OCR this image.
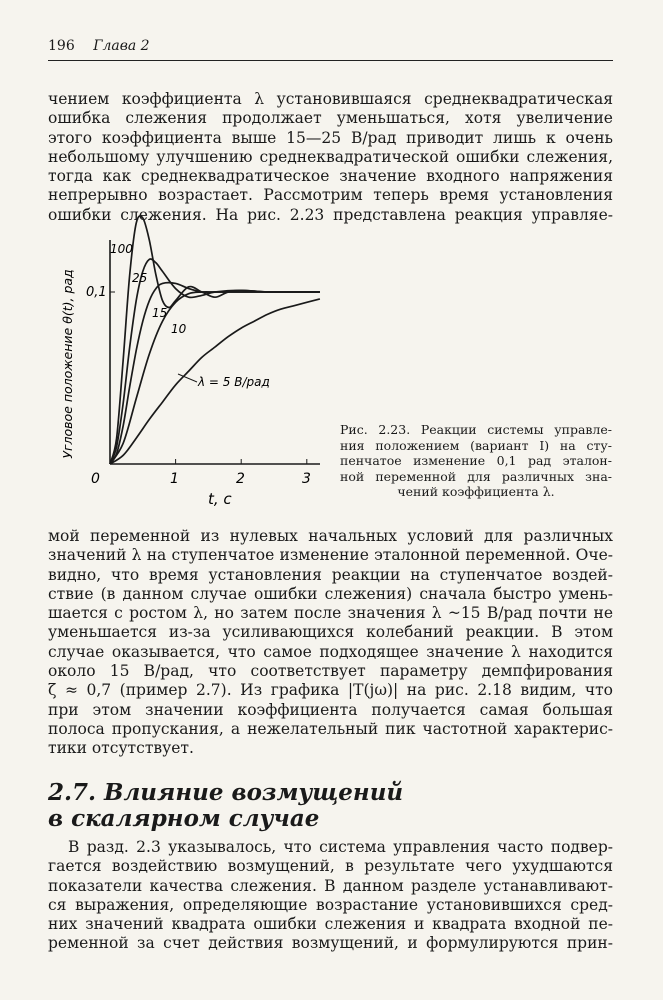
196 Глава 2
чением коэффициента λ установившаяся среднеквадратическая
ошибка слежения продолжает уменьшаться, хотя увеличение
этого коэффициента выше 15—25 В/рад приводит лишь к очень
небольшому улучшению среднеквадратической ошибки слежения,
тогда как среднеквадратическое значение входного напряжения
непрерывно возрастает. Рассмотрим теперь время установления
ошибки слежения. На рис. 2.23 представлена реакция управляе-
0,1
0	1	2	3
t, c
Угловое положение θ(t), рад
100
25
15
10
λ = 5 В/рад
Рис. 2.23. Реакции системы управле-
ния положением (вариант I) на сту-
пенчатое изменение 0,1 рад эталон-
ной переменной для различных зна-
чений коэффициента λ.
мой переменной из нулевых начальных условий для различных
значений λ на ступенчатое изменение эталонной переменной. Оче-
видно, что время установления реакции на ступенчатое воздей-
ствие (в данном случае ошибки слежения) сначала быстро умень-
шается с ростом λ, но затем после значения λ ~15 В/рад почти не
уменьшается из-за усиливающихся колебаний реакции. В этом
случае оказывается, что самое подходящее значение λ находится
около 15 В/рад, что соответствует параметру демпфирования
ζ ≈ 0,7 (пример 2.7). Из графика |T(jω)| на рис. 2.18 видим, что
при этом значении коэффициента получается самая большая
полоса пропускания, а нежелательный пик частотной характерис-
тики отсутствует.
2.7. Влияние возмущений
в скалярном случае
В разд. 2.3 указывалось, что система управления часто подвер-
гается воздействию возмущений, в результате чего ухудшаются
показатели качества слежения. В данном разделе устанавливают-
ся выражения, определяющие возрастание установившихся сред-
них значений квадрата ошибки слежения и квадрата входной пе-
ременной за счет действия возмущений, и формулируются прин-
